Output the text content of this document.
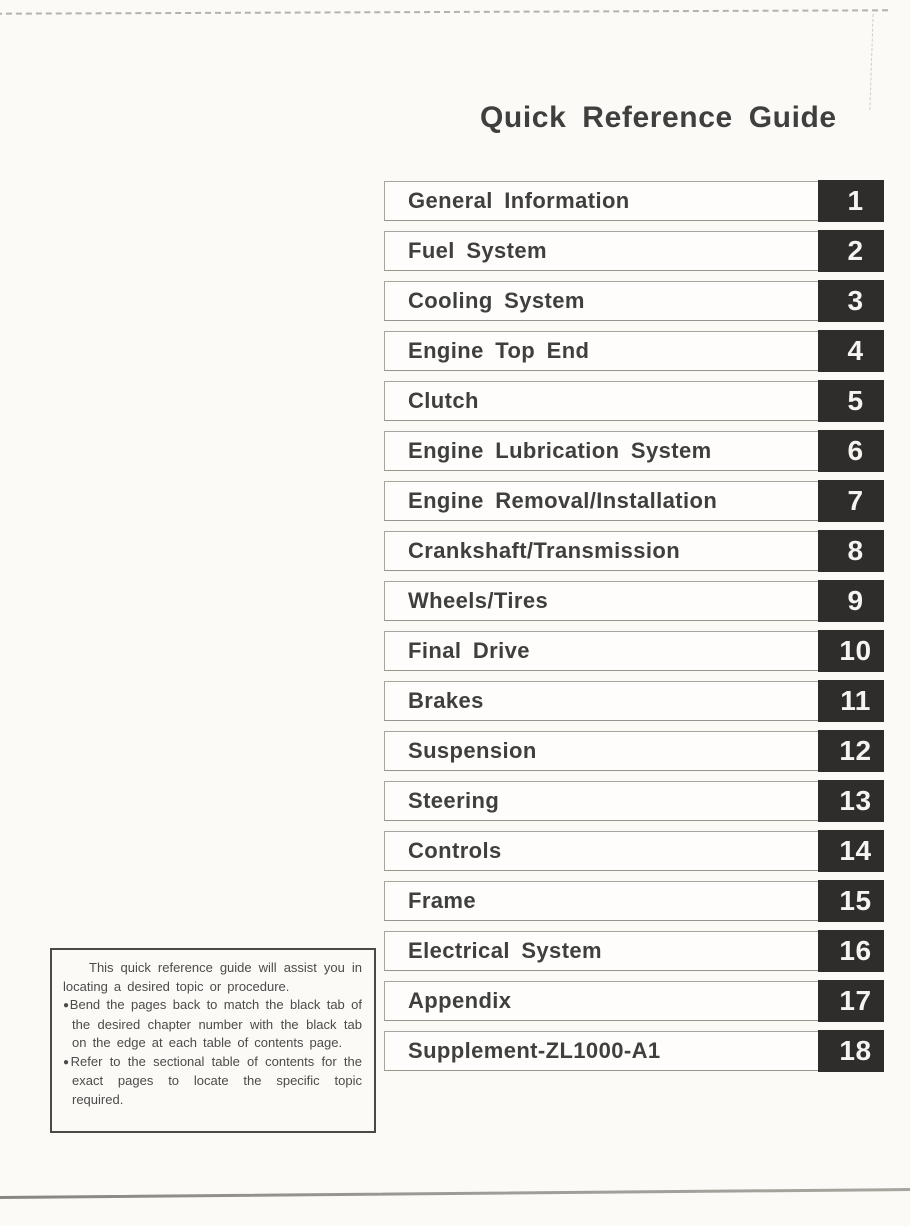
Quick Reference Guide
General Information	1
Fuel System	2
Cooling System	3
Engine Top End	4
Clutch	5
Engine Lubrication System	6
Engine Removal/Installation	7
Crankshaft/Transmission	8
Wheels/Tires	9
Final Drive	10
Brakes	11
Suspension	12
Steering	13
Controls	14
Frame	15
Electrical System	16
Appendix	17
Supplement-ZL1000-A1	18

This quick reference guide will assist you in locating a desired topic or procedure.

●Bend the pages back to match the black tab of the desired chapter number with the black tab on the edge at each table of contents page.

●Refer to the sectional table of contents for the exact pages to locate the specific topic required.
